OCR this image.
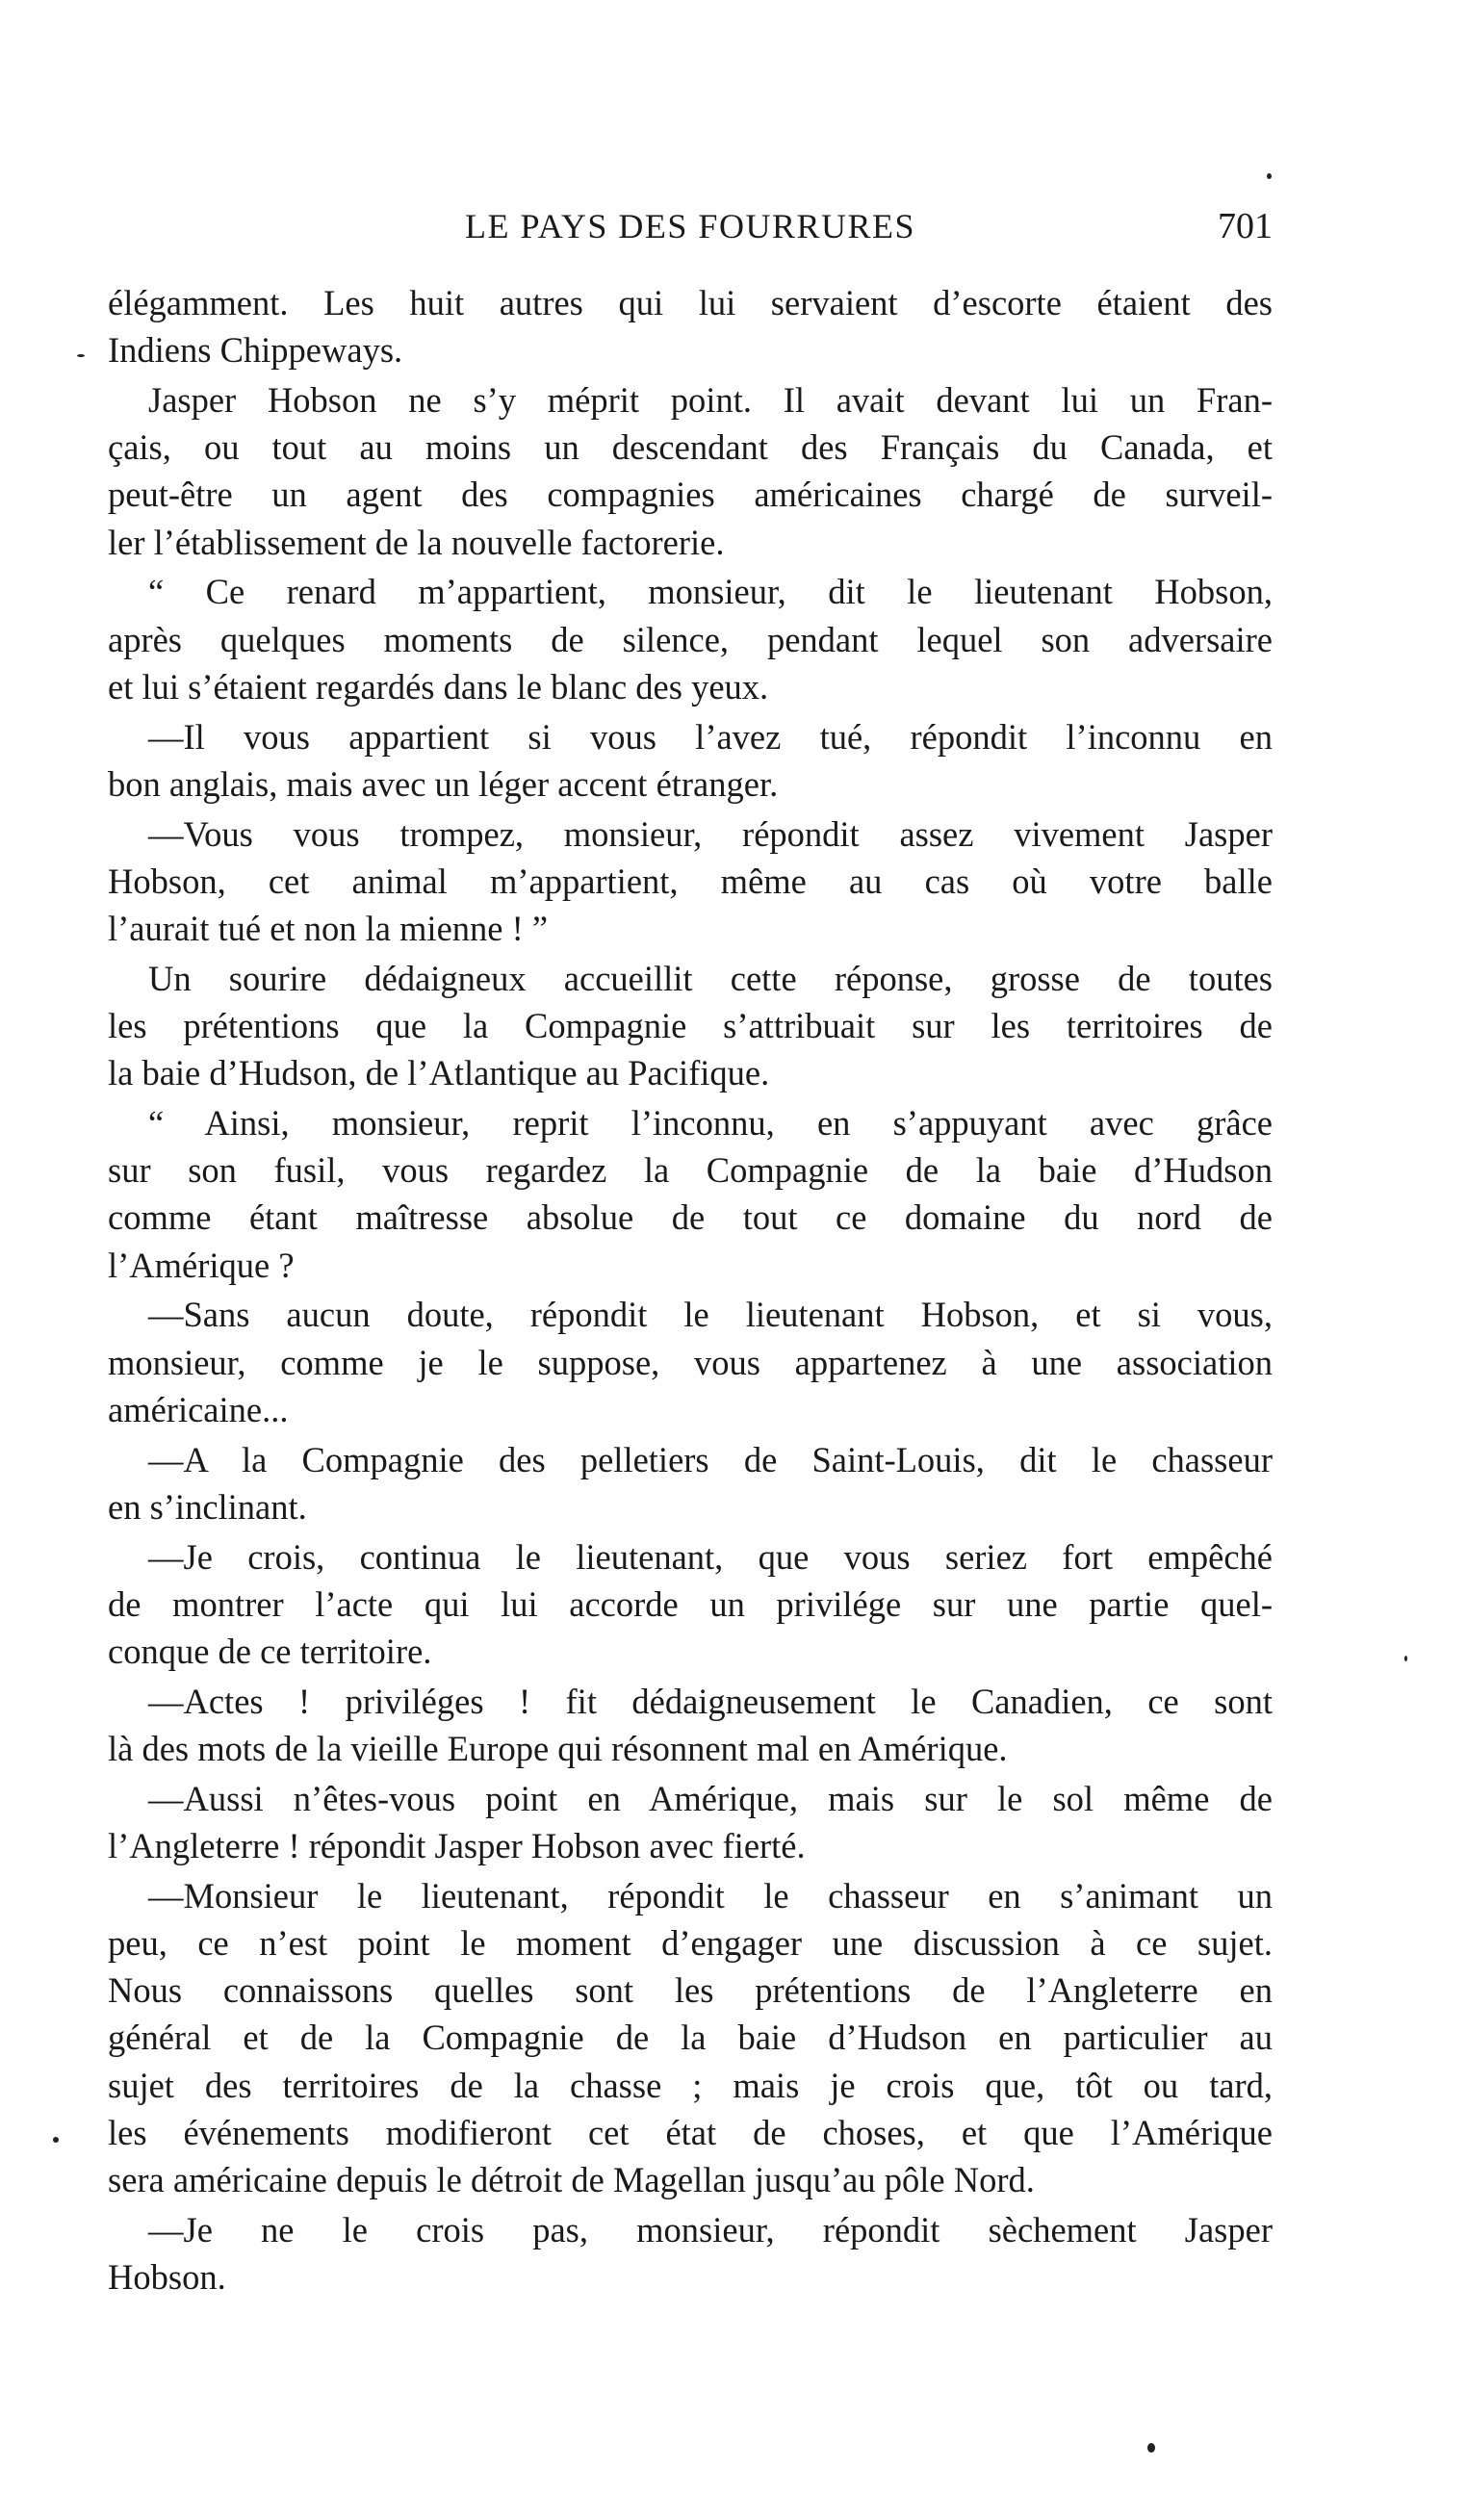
LE PAYS DES FOURRURES	701
élégamment. Les huit autres qui lui servaient d’escorte étaient des
Indiens Chippeways.
Jasper Hobson ne s’y méprit point. Il avait devant lui un Fran-
çais, ou tout au moins un descendant des Français du Canada, et
peut-être un agent des compagnies américaines chargé de surveil-
ler l’établissement de la nouvelle factorerie.
“ Ce renard m’appartient, monsieur, dit le lieutenant Hobson,
après quelques moments de silence, pendant lequel son adversaire
et lui s’étaient regardés dans le blanc des yeux.
—Il vous appartient si vous l’avez tué, répondit l’inconnu en
bon anglais, mais avec un léger accent étranger.
—Vous vous trompez, monsieur, répondit assez vivement Jasper
Hobson, cet animal m’appartient, même au cas où votre balle
l’aurait tué et non la mienne ! ”
Un sourire dédaigneux accueillit cette réponse, grosse de toutes
les prétentions que la Compagnie s’attribuait sur les territoires de
la baie d’Hudson, de l’Atlantique au Pacifique.
“ Ainsi, monsieur, reprit l’inconnu, en s’appuyant avec grâce
sur son fusil, vous regardez la Compagnie de la baie d’Hudson
comme étant maîtresse absolue de tout ce domaine du nord de
l’Amérique ?
—Sans aucun doute, répondit le lieutenant Hobson, et si vous,
monsieur, comme je le suppose, vous appartenez à une association
américaine...
—A la Compagnie des pelletiers de Saint-Louis, dit le chasseur
en s’inclinant.
—Je crois, continua le lieutenant, que vous seriez fort empêché
de montrer l’acte qui lui accorde un privilége sur une partie quel-
conque de ce territoire.
—Actes ! priviléges ! fit dédaigneusement le Canadien, ce sont
là des mots de la vieille Europe qui résonnent mal en Amérique.
—Aussi n’êtes-vous point en Amérique, mais sur le sol même de
l’Angleterre ! répondit Jasper Hobson avec fierté.
—Monsieur le lieutenant, répondit le chasseur en s’animant un
peu, ce n’est point le moment d’engager une discussion à ce sujet.
Nous connaissons quelles sont les prétentions de l’Angleterre en
général et de la Compagnie de la baie d’Hudson en particulier au
sujet des territoires de la chasse ; mais je crois que, tôt ou tard,
les événements modifieront cet état de choses, et que l’Amérique
sera américaine depuis le détroit de Magellan jusqu’au pôle Nord.
—Je ne le crois pas, monsieur, répondit sèchement Jasper
Hobson.
